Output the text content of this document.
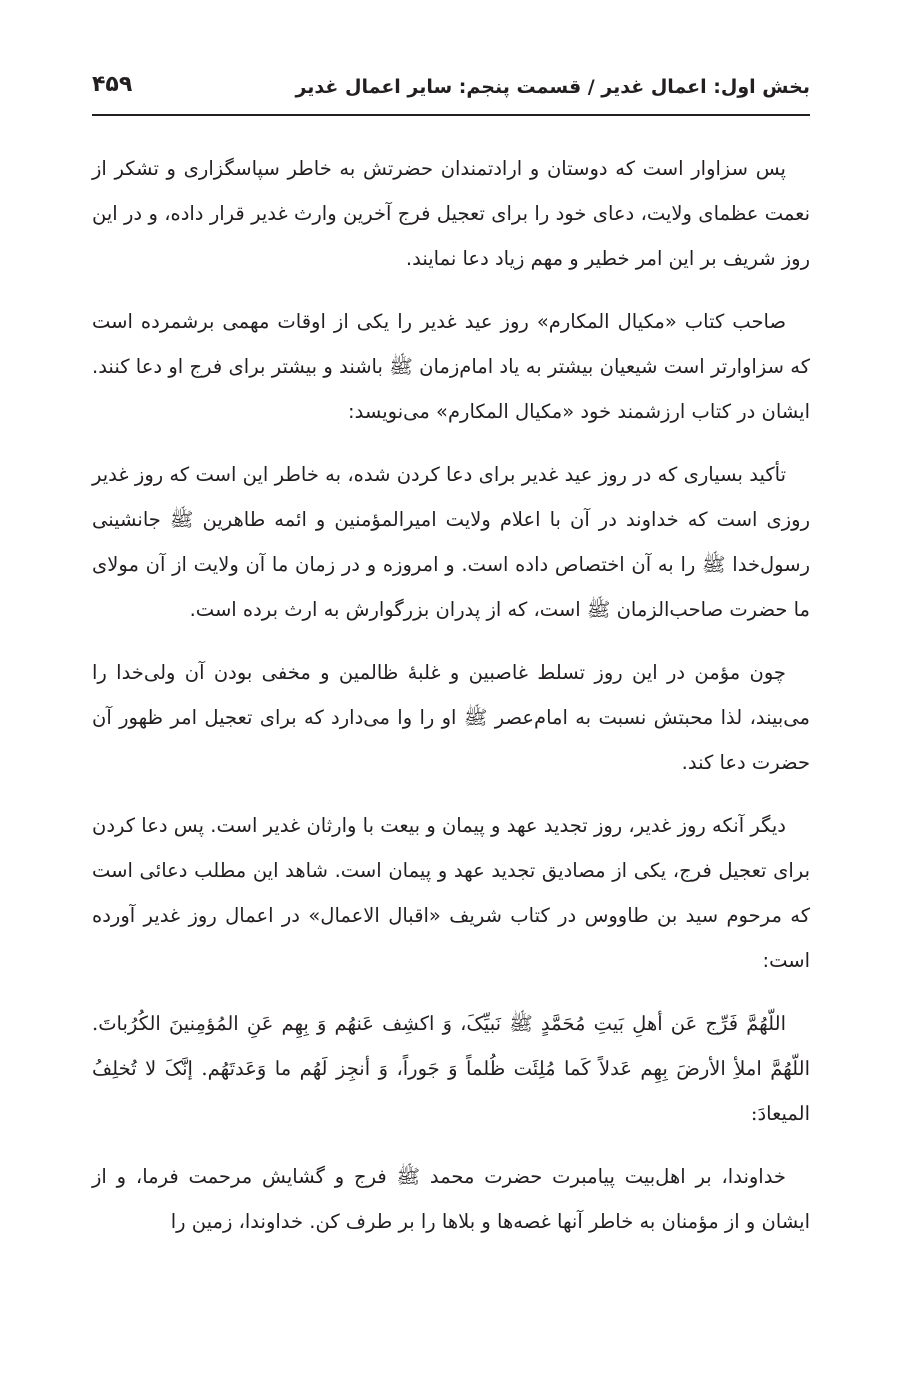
بخش اول: اعمال غدیر / قسمت پنجم: سایر اعمال غدیر
۴۵۹

پس سزاوار است که دوستان و ارادتمندان حضرتش به خاطر سپاسگزاری و تشکر از نعمت عظمای ولایت، دعای خود را برای تعجیل فرج آخرین وارث غدیر قرار داده، و در این روز شریف بر این امر خطیر و مهم زیاد دعا نمایند.

صاحب کتاب «مکیال المکارم» روز عید غدیر را یکی از اوقات مهمی برشمرده است که سزاوارتر است شیعیان بیشتر به یاد امام‌زمان ﷺ باشند و بیشتر برای فرج او دعا کنند. ایشان در کتاب ارزشمند خود «مکیال المکارم» می‌نویسد:

تأکید بسیاری که در روز عید غدیر برای دعا کردن شده، به خاطر این است که روز غدیر روزی است که خداوند در آن با اعلام ولایت امیرالمؤمنین و ائمه طاهرین ﷺ جانشینی رسول‌خدا ﷺ را به آن اختصاص داده است. و امروزه و در زمان ما آن ولایت از آن مولای ما حضرت صاحب‌الزمان ﷺ است، که از پدران بزرگوارش به ارث برده است.

چون مؤمن در این روز تسلط غاصبین و غلبهٔ ظالمین و مخفی بودن آن ولی‌خدا را می‌بیند، لذا محبتش نسبت به امام‌عصر ﷺ او را وا می‌دارد که برای تعجیل امر ظهور آن حضرت دعا کند.

دیگر آنکه روز غدیر، روز تجدید عهد و پیمان و بیعت با وارثان غدیر است. پس دعا کردن برای تعجیل فرج، یکی از مصادیق تجدید عهد و پیمان است. شاهد این مطلب دعائی است که مرحوم سید بن طاووس در کتاب شریف «اقبال الاعمال» در اعمال روز غدیر آورده است:

اللّهُمَّ فَرِّج عَن أهلِ بَیتِ مُحَمَّدٍ ﷺ نَبیِّکَ، وَ اکشِف عَنهُم وَ بِهِم عَنِ المُؤمِنینَ الکُرُباتَ. اللّهُمَّ املأِ الأرضَ بِهِم عَدلاً کَما مُلِئَت ظُلماً وَ جَوراً، وَ أنجِز لَهُم ما وَعَدتَهُم. إنَّکَ لا تُخلِفُ المیعادَ:

خداوندا، بر اهل‌بیت پیامبرت حضرت محمد ﷺ فرج و گشایش مرحمت فرما، و از ایشان و از مؤمنان به خاطر آنها غصه‌ها و بلاها را بر طرف کن. خداوندا، زمین را
